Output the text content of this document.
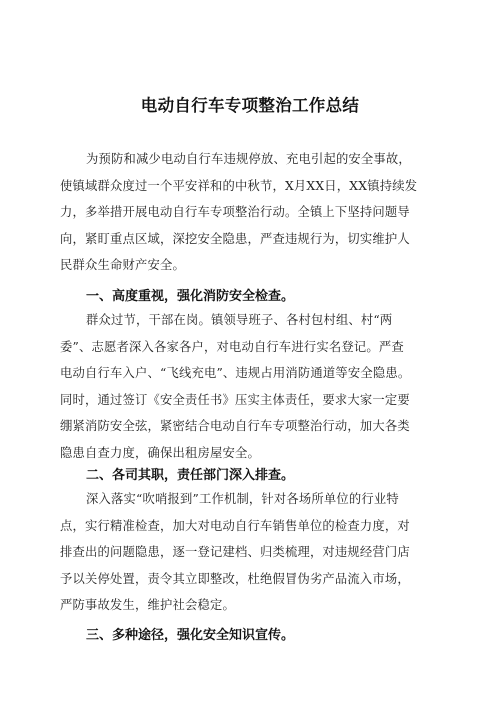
电动自行车专项整治工作总结
为预防和减少电动自行车违规停放、充电引起的安全事故，
使镇域群众度过一个平安祥和的中秋节，X月XX日，XX镇持续发
力，多举措开展电动自行车专项整治行动。全镇上下坚持问题导
向，紧盯重点区域，深挖安全隐患，严查违规行为，切实维护人
民群众生命财产安全。
一、高度重视，强化消防安全检查。
群众过节，干部在岗。镇领导班子、各村包村组、村“两
委”、志愿者深入各家各户，对电动自行车进行实名登记。严查
电动自行车入户、“飞线充电”、违规占用消防通道等安全隐患。
同时，通过签订《安全责任书》压实主体责任，要求大家一定要
绷紧消防安全弦，紧密结合电动自行车专项整治行动，加大各类
隐患自查力度，确保出租房屋安全。
二、各司其职，责任部门深入排查。
深入落实“吹哨报到”工作机制，针对各场所单位的行业特
点，实行精准检查，加大对电动自行车销售单位的检查力度，对
排查出的问题隐患，逐一登记建档、归类梳理，对违规经营门店
予以关停处置，责令其立即整改，杜绝假冒伪劣产品流入市场，
严防事故发生，维护社会稳定。
三、多种途径，强化安全知识宣传。
